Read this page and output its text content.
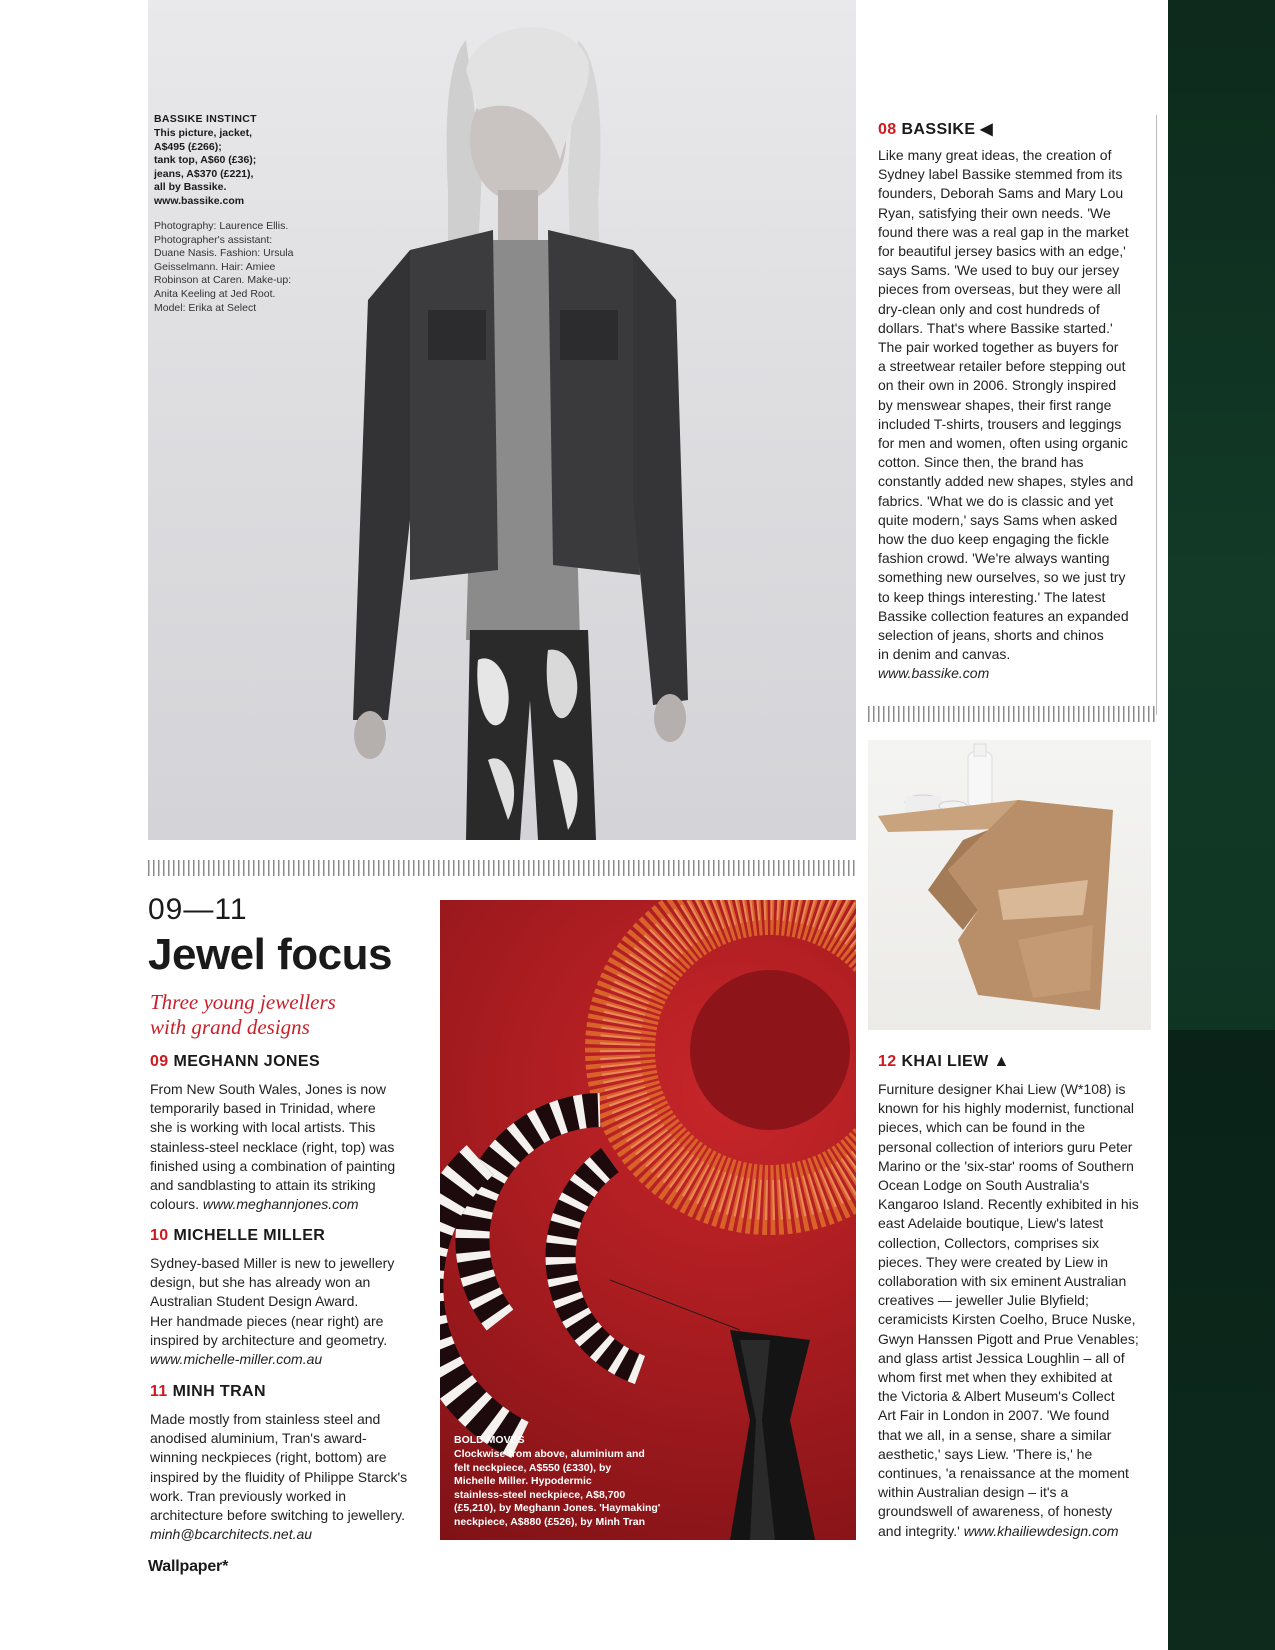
BASSIKE INSTINCT
This picture, jacket,
A$495 (£266);
tank top, A$60 (£36);
jeans, A$370 (£221),
all by Bassike.
www.bassike.com
Photography: Laurence Ellis.
Photographer's assistant:
Duane Nasis. Fashion: Ursula
Geisselmann. Hair: Amiee
Robinson at Caren. Make-up:
Anita Keeling at Jed Root.
Model: Erika at Select
08 BASSIKE ◀
Like many great ideas, the creation of
Sydney label Bassike stemmed from its
founders, Deborah Sams and Mary Lou
Ryan, satisfying their own needs. 'We
found there was a real gap in the market
for beautiful jersey basics with an edge,'
says Sams. 'We used to buy our jersey
pieces from overseas, but they were all
dry-clean only and cost hundreds of
dollars. That's where Bassike started.'
The pair worked together as buyers for
a streetwear retailer before stepping out
on their own in 2006. Strongly inspired
by menswear shapes, their first range
included T-shirts, trousers and leggings
for men and women, often using organic
cotton. Since then, the brand has
constantly added new shapes, styles and
fabrics. 'What we do is classic and yet
quite modern,' says Sams when asked
how the duo keep engaging the fickle
fashion crowd. 'We're always wanting
something new ourselves, so we just try
to keep things interesting.' The latest
Bassike collection features an expanded
selection of jeans, shorts and chinos
in denim and canvas.
www.bassike.com
09—11
Jewel focus
Three young jewellers
with grand designs
09 MEGHANN JONES
From New South Wales, Jones is now
temporarily based in Trinidad, where
she is working with local artists. This
stainless-steel necklace (right, top) was
finished using a combination of painting
and sandblasting to attain its striking
colours. www.meghannjones.com
10 MICHELLE MILLER
Sydney-based Miller is new to jewellery
design, but she has already won an
Australian Student Design Award.
Her handmade pieces (near right) are
inspired by architecture and geometry.
www.michelle-miller.com.au
11 MINH TRAN
Made mostly from stainless steel and
anodised aluminium, Tran's award-
winning neckpieces (right, bottom) are
inspired by the fluidity of Philippe Starck's
work. Tran previously worked in
architecture before switching to jewellery.
minh@bcarchitects.net.au
BOLD MOVES
Clockwise from above, aluminium and
felt neckpiece, A$550 (£330), by
Michelle Miller. Hypodermic
stainless-steel neckpiece, A$8,700
(£5,210), by Meghann Jones. 'Haymaking'
neckpiece, A$880 (£526), by Minh Tran
12 KHAI LIEW ▲
Furniture designer Khai Liew (W*108) is
known for his highly modernist, functional
pieces, which can be found in the
personal collection of interiors guru Peter
Marino or the 'six-star' rooms of Southern
Ocean Lodge on South Australia's
Kangaroo Island. Recently exhibited in his
east Adelaide boutique, Liew's latest
collection, Collectors, comprises six
pieces. They were created by Liew in
collaboration with six eminent Australian
creatives — jeweller Julie Blyfield;
ceramicists Kirsten Coelho, Bruce Nuske,
Gwyn Hanssen Pigott and Prue Venables;
and glass artist Jessica Loughlin – all of
whom first met when they exhibited at
the Victoria & Albert Museum's Collect
Art Fair in London in 2007. 'We found
that we all, in a sense, share a similar
aesthetic,' says Liew. 'There is,' he
continues, 'a renaissance at the moment
within Australian design – it's a
groundswell of awareness, of honesty
and integrity.' www.khailiewdesign.com
Wallpaper*
